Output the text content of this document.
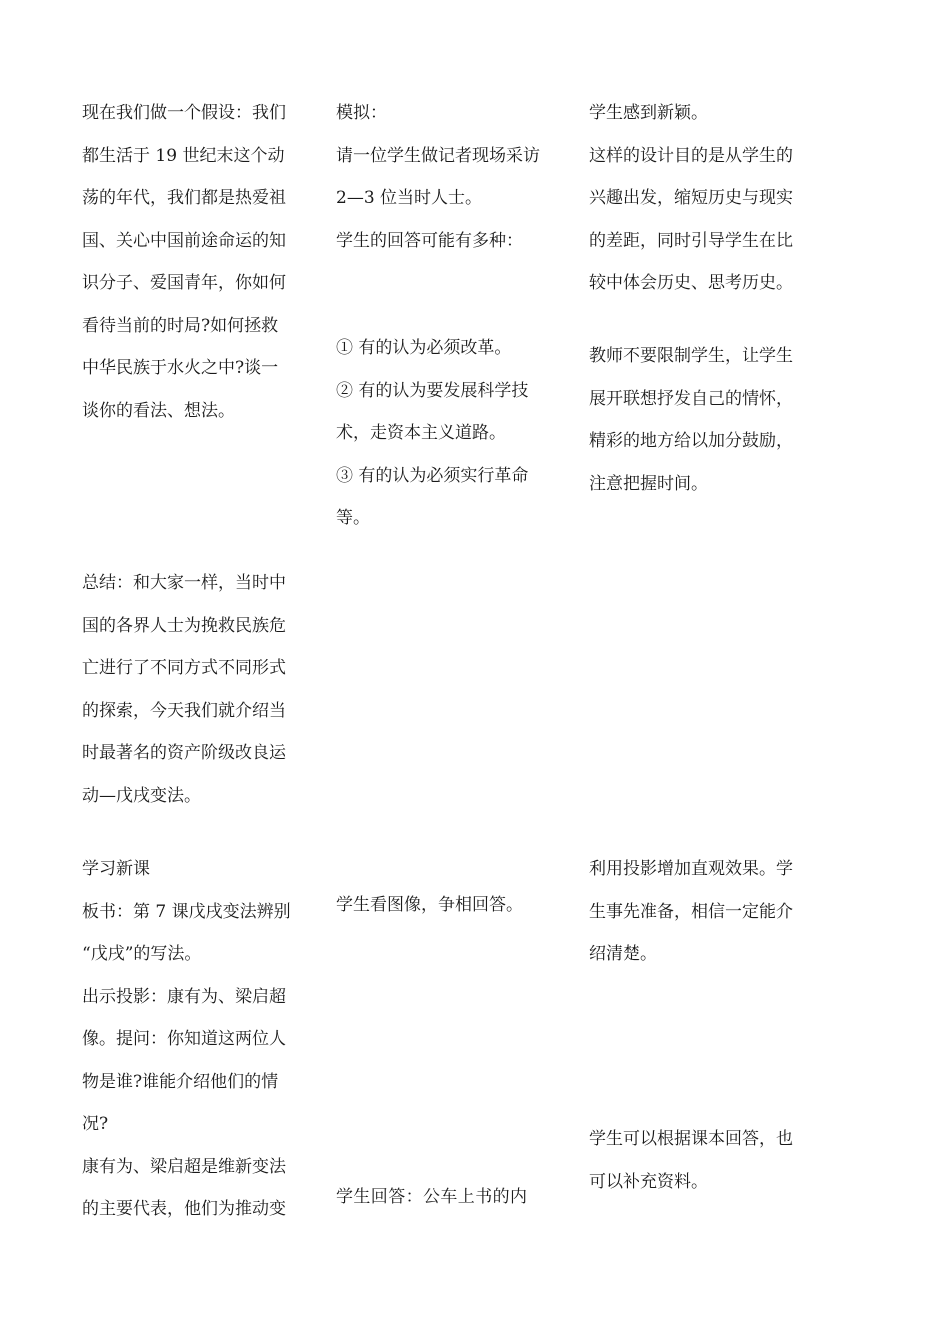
现在我们做一个假设：我们

都生活于 19 世纪末这个动

荡的年代，我们都是热爱祖

国、关心中国前途命运的知

识分子、爱国青年，你如何

看待当前的时局?如何拯救

中华民族于水火之中?谈一

谈你的看法、想法。

总结：和大家一样，当时中

国的各界人士为挽救民族危

亡进行了不同方式不同形式

的探索，今天我们就介绍当

时最著名的资产阶级改良运

动—戊戌变法。

学习新课

板书：第 7 课戊戌变法辨别

“戊戌”的写法。

出示投影：康有为、梁启超

像。提问：你知道这两位人

物是谁?谁能介绍他们的情

况?

康有为、梁启超是维新变法

的主要代表，他们为推动变

模拟：

请一位学生做记者现场采访

2—3 位当时人士。

学生的回答可能有多种：

① 有的认为必须改革。

② 有的认为要发展科学技

术，走资本主义道路。

③ 有的认为必须实行革命

等。

学生看图像，争相回答。

学生回答：公车上书的内

学生感到新颖。

这样的设计目的是从学生的

兴趣出发，缩短历史与现实

的差距，同时引导学生在比

较中体会历史、思考历史。

教师不要限制学生，让学生

展开联想抒发自己的情怀，

精彩的地方给以加分鼓励，

注意把握时间。

利用投影增加直观效果。学

生事先准备，相信一定能介

绍清楚。

学生可以根据课本回答，也

可以补充资料。
